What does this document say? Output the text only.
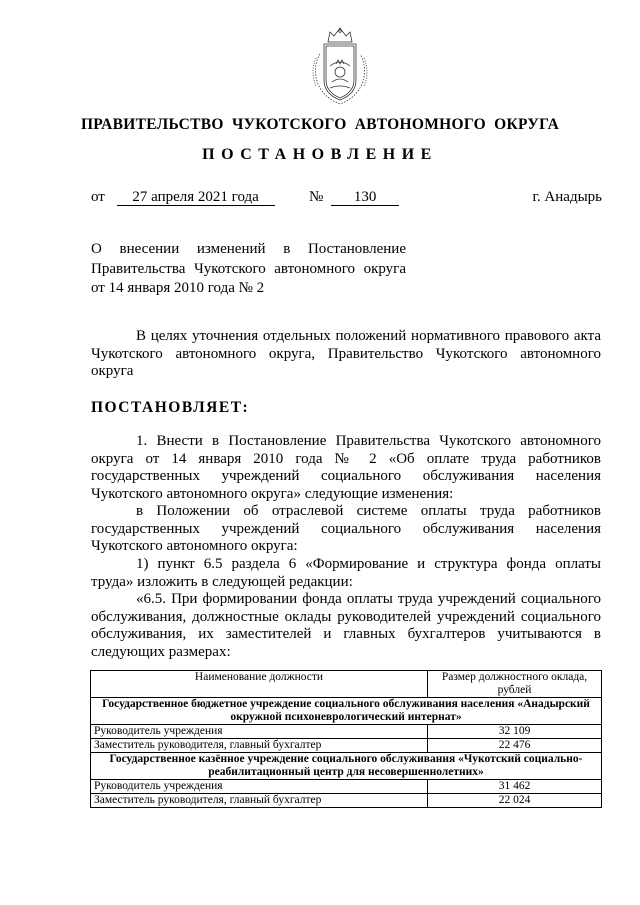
ПРАВИТЕЛЬСТВО ЧУКОТСКОГО АВТОНОМНОГО ОКРУГА
ПОСТАНОВЛЕНИЕ
от 27 апреля 2021 года	№ 130	г. Анадырь
О внесении изменений в Постановление
Правительства Чукотского автономного округа
от 14 января 2010 года № 2
В целях уточнения отдельных положений нормативного правового акта
Чукотского автономного округа, Правительство Чукотского автономного
округа
ПОСТАНОВЛЯЕТ:
1. Внести в Постановление Правительства Чукотского автономного
округа от 14 января 2010 года № 2 «Об оплате труда работников
государственных учреждений социального обслуживания населения
Чукотского автономного округа» следующие изменения:
в Положении об отраслевой системе оплаты труда работников
государственных учреждений социального обслуживания населения
Чукотского автономного округа:
1) пункт 6.5 раздела 6 «Формирование и структура фонда оплаты
труда» изложить в следующей редакции:
«6.5. При формировании фонда оплаты труда учреждений социального
обслуживания, должностные оклады руководителей учреждений социального
обслуживания, их заместителей и главных бухгалтеров учитываются в
следующих размерах:
Наименование должности	Размер должностного оклада, рублей
Государственное бюджетное учреждение социального обслуживания населения «Анадырский окружной психоневрологический интернат»	
Руководитель учреждения	32 109
Заместитель руководителя, главный бухгалтер	22 476
Государственное казённое учреждение социального обслуживания «Чукотский социально-реабилитационный центр для несовершеннолетних»	
Руководитель учреждения	31 462
Заместитель руководителя, главный бухгалтер	22 024
